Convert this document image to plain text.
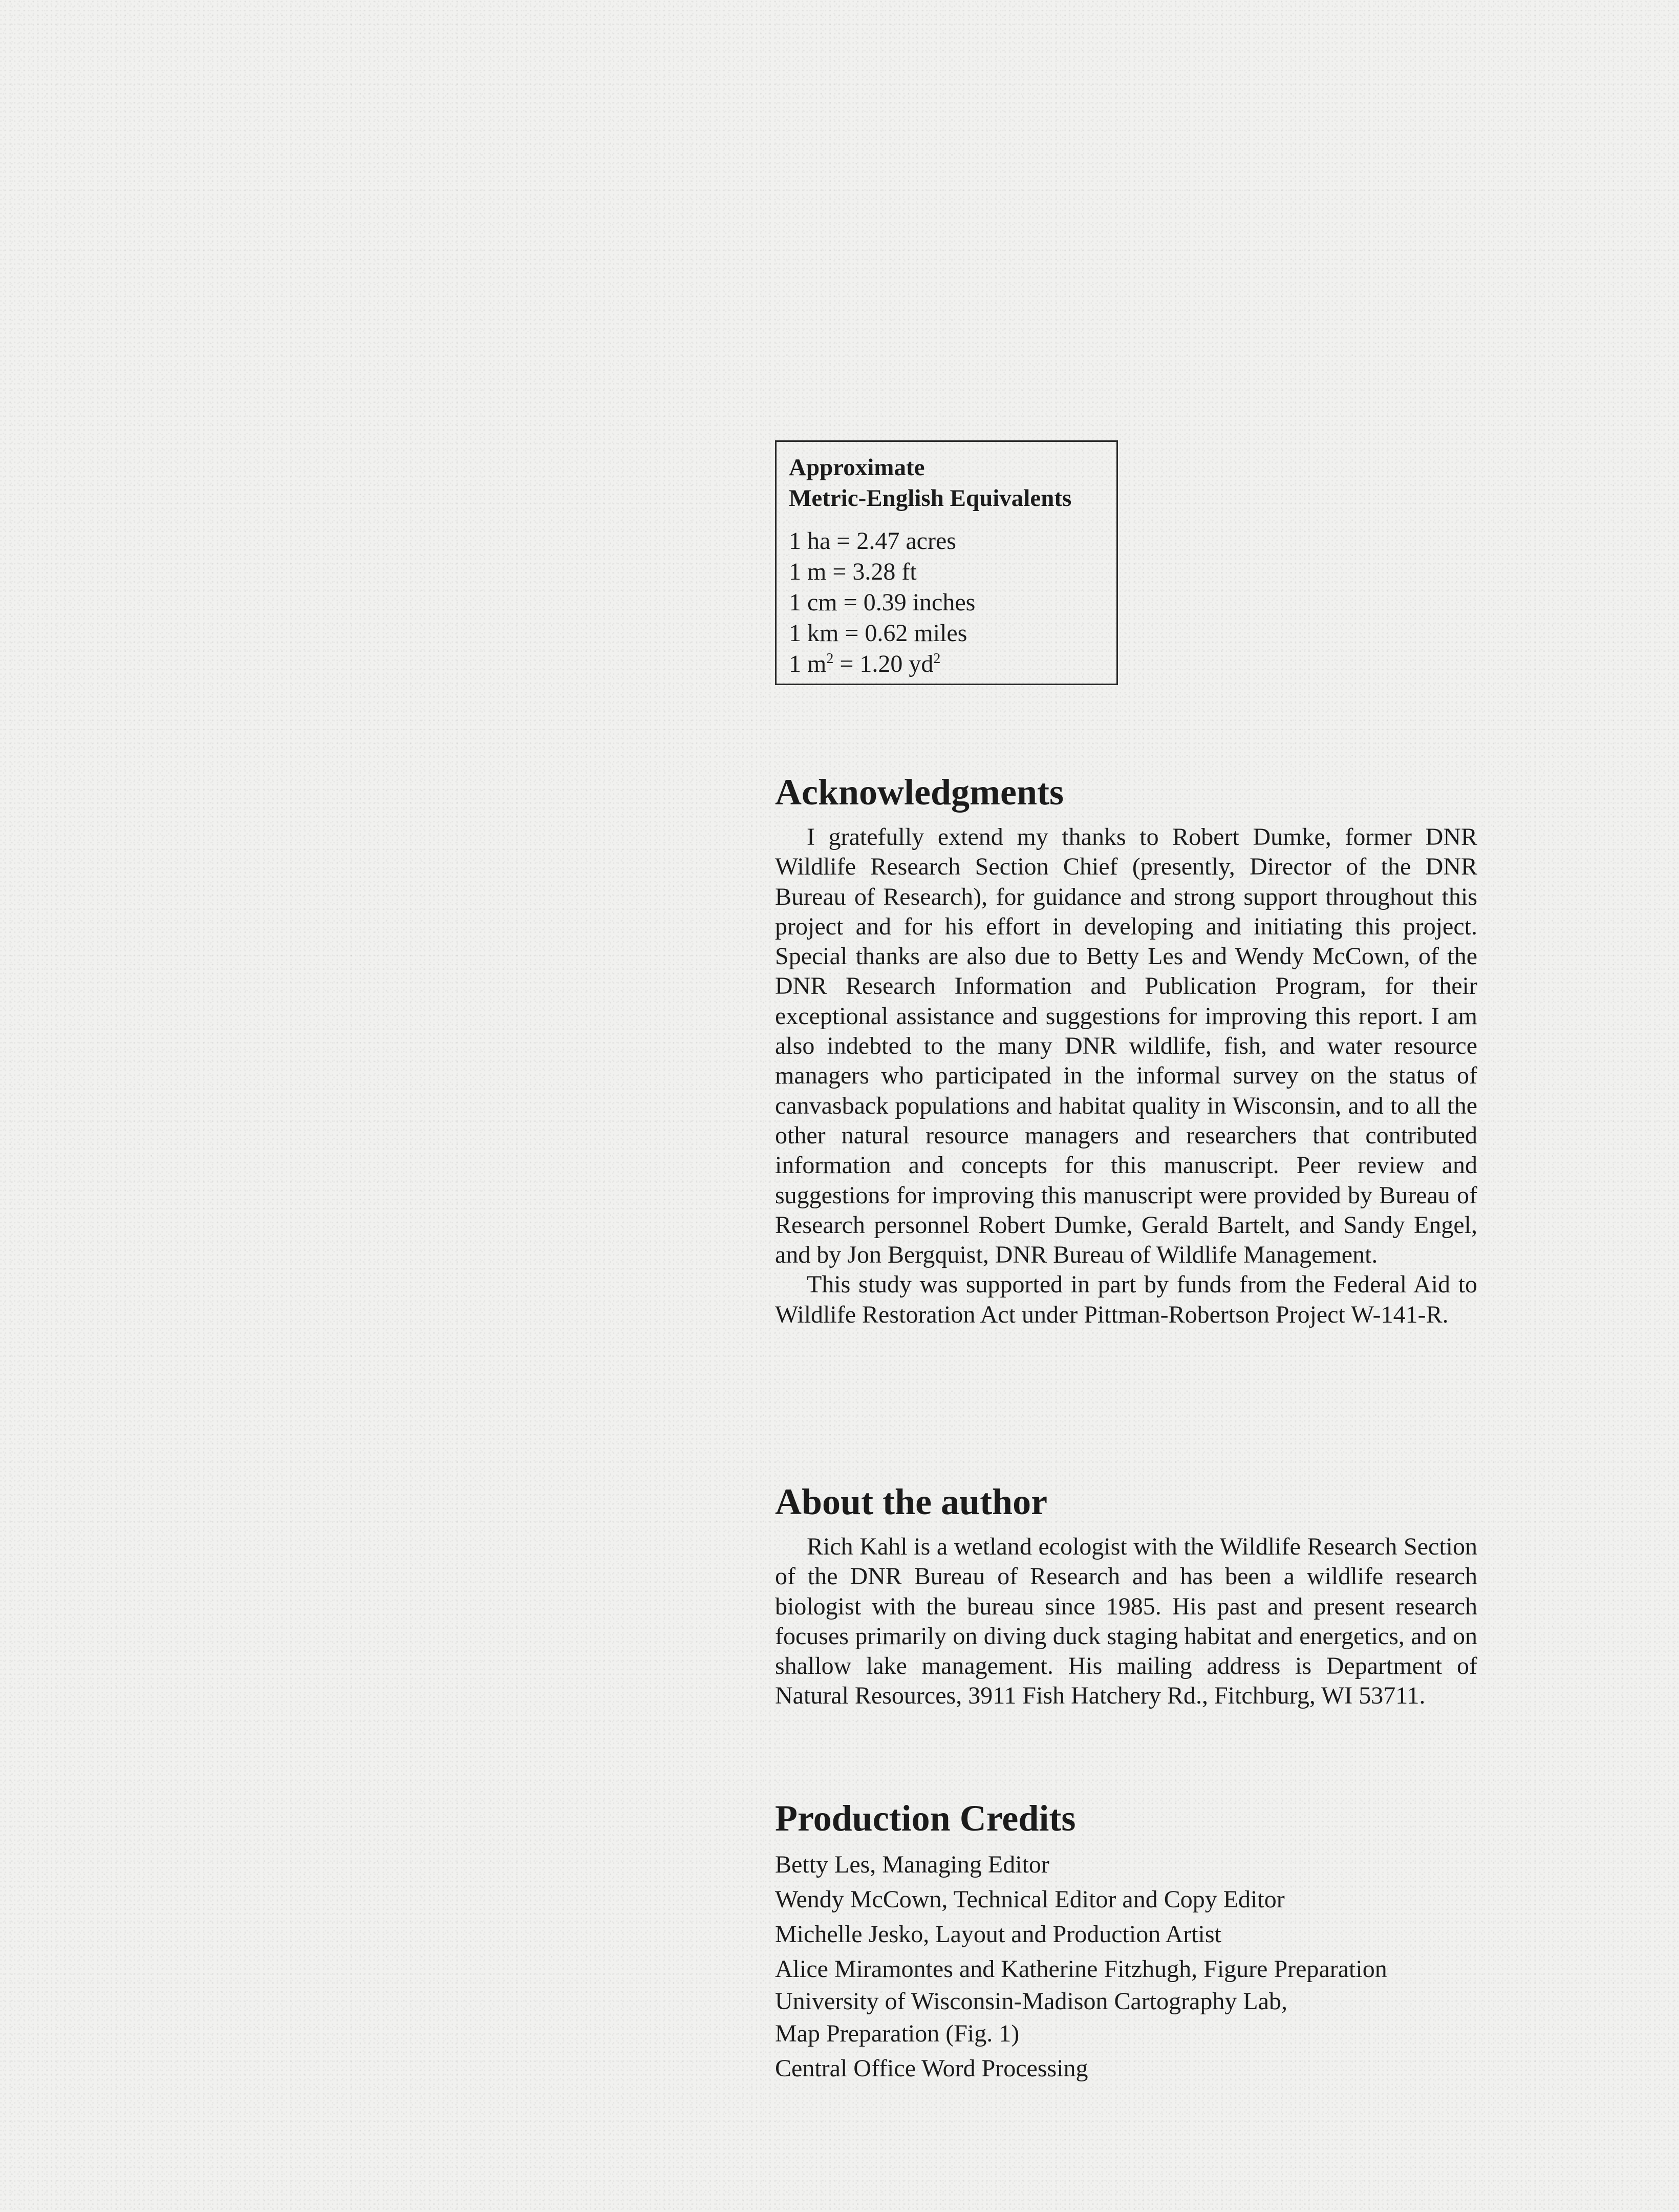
Approximate

Metric-English Equivalents

1 ha = 2.47 acres
1 m = 3.28 ft
1 cm = 0.39 inches
1 km = 0.62 miles
1 $m^2 = 1.20$ $yd^2$
Acknowledgments

I gratefully extend my thanks to Robert Dumke, former DNR Wildlife Research Section Chief (presently, Director of the DNR Bureau of Research), for guidance and strong support throughout this project and for his effort in developing and initiating this project. Special thanks are also due to Betty Les and Wendy McCown, of the DNR Research Information and Publication Program, for their exceptional assistance and suggestions for improving this report. I am also indebted to the many DNR wildlife, fish, and water resource managers who participated in the informal survey on the status of canvasback populations and habitat quality in Wisconsin, and to all the other natural resource managers and researchers that contributed information and concepts for this manuscript. Peer review and suggestions for improving this manuscript were provided by Bureau of Research personnel Robert Dumke, Gerald Bartelt, and Sandy Engel, and by Jon Bergquist, DNR Bureau of Wildlife Management.

This study was supported in part by funds from the Federal Aid to Wildlife Restoration Act under Pittman-Robertson Project W-141-R.

About the author

Rich Kahl is a wetland ecologist with the Wildlife Research Section of the DNR Bureau of Research and has been a wildlife research biologist with the bureau since 1985. His past and present research focuses primarily on diving duck staging habitat and energetics, and on shallow lake management. His mailing address is Department of Natural Resources, 3911 Fish Hatchery Rd., Fitchburg, WI 53711.

Production Credits
Betty Les, Managing Editor
Wendy McCown, Technical Editor and Copy Editor
Michelle Jesko, Layout and Production Artist
Alice Miramontes and Katherine Fitzhugh, Figure Preparation
University of Wisconsin-Madison Cartography Lab,
Map Preparation (Fig. 1)
Central Office Word Processing
